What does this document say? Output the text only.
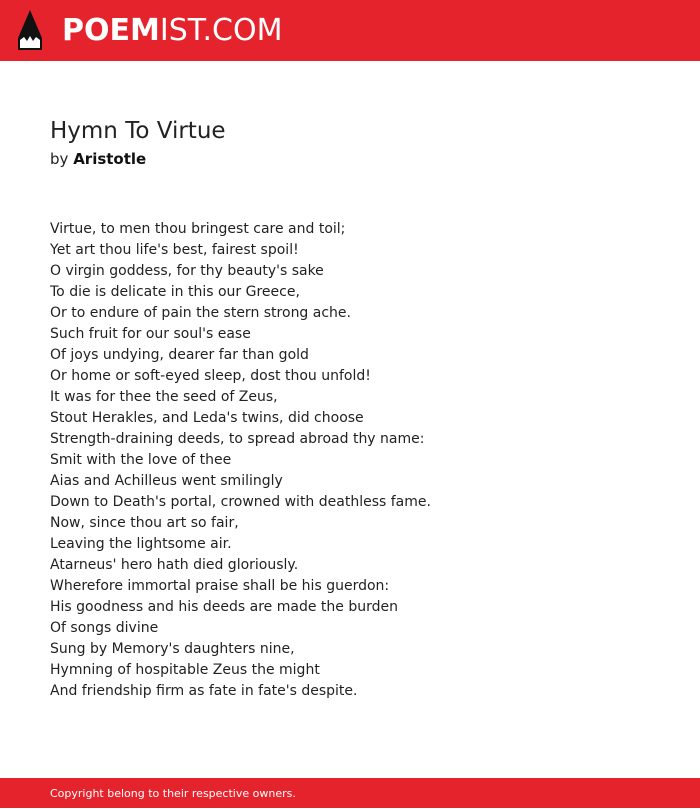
POEMIST.COM
Hymn To Virtue
by Aristotle
Virtue, to men thou bringest care and toil;
Yet art thou life's best, fairest spoil!
O virgin goddess, for thy beauty's sake
To die is delicate in this our Greece,
Or to endure of pain the stern strong ache.
Such fruit for our soul's ease
Of joys undying, dearer far than gold
Or home or soft-eyed sleep, dost thou unfold!
It was for thee the seed of Zeus,
Stout Herakles, and Leda's twins, did choose
Strength-draining deeds, to spread abroad thy name:
Smit with the love of thee
Aias and Achilleus went smilingly
Down to Death's portal, crowned with deathless fame.
Now, since thou art so fair,
Leaving the lightsome air.
Atarneus' hero hath died gloriously.
Wherefore immortal praise shall be his guerdon:
His goodness and his deeds are made the burden
Of songs divine
Sung by Memory's daughters nine,
Hymning of hospitable Zeus the might
And friendship firm as fate in fate's despite.
Copyright belong to their respective owners.
